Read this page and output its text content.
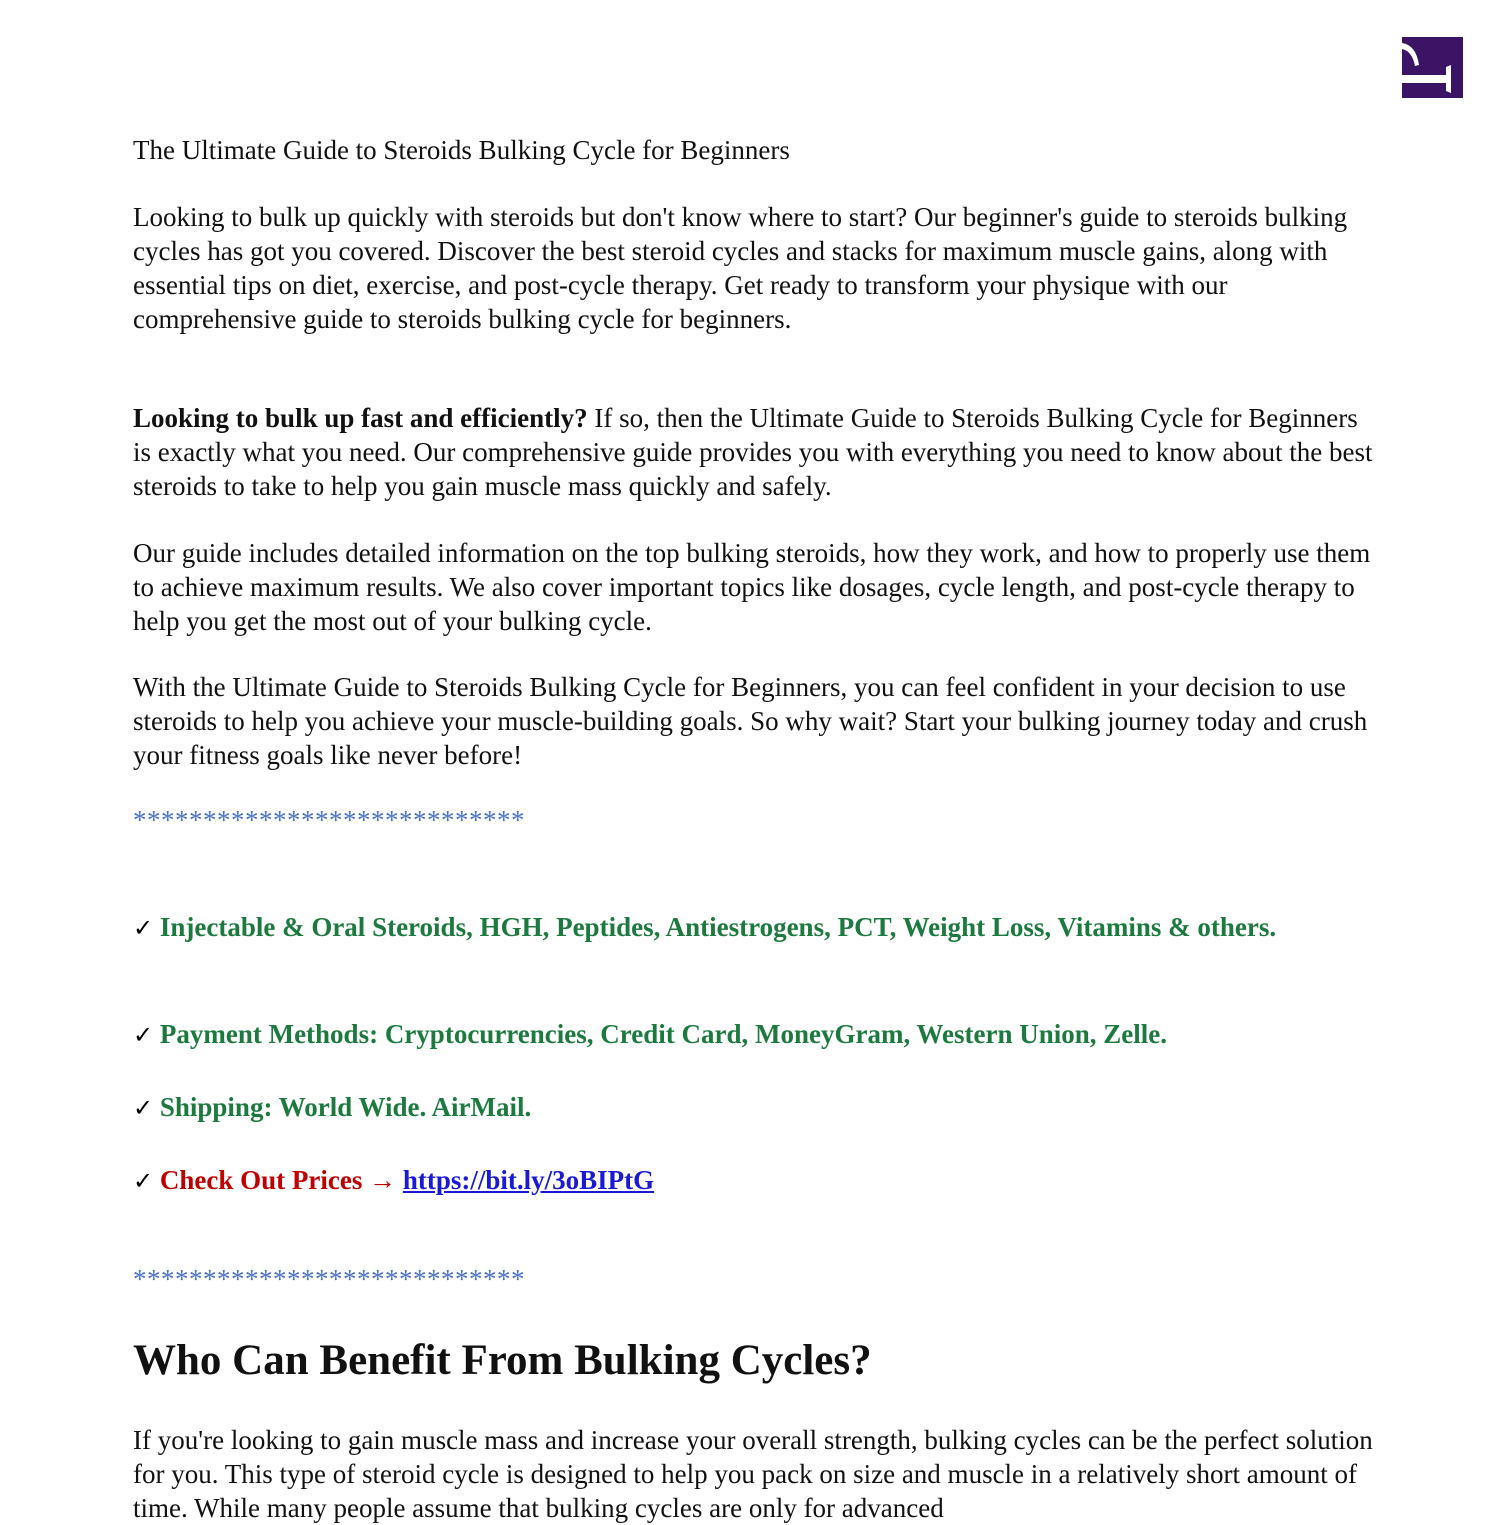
The Ultimate Guide to Steroids Bulking Cycle for Beginners
Looking to bulk up quickly with steroids but don't know where to start? Our beginner's guide to steroids bulking cycles has got you covered. Discover the best steroid cycles and stacks for maximum muscle gains, along with essential tips on diet, exercise, and post-cycle therapy. Get ready to transform your physique with our comprehensive guide to steroids bulking cycle for beginners.
Looking to bulk up fast and efficiently? If so, then the Ultimate Guide to Steroids Bulking Cycle for Beginners is exactly what you need. Our comprehensive guide provides you with everything you need to know about the best steroids to take to help you gain muscle mass quickly and safely.
Our guide includes detailed information on the top bulking steroids, how they work, and how to properly use them to achieve maximum results. We also cover important topics like dosages, cycle length, and post-cycle therapy to help you get the most out of your bulking cycle.
With the Ultimate Guide to Steroids Bulking Cycle for Beginners, you can feel confident in your decision to use steroids to help you achieve your muscle-building goals. So why wait? Start your bulking journey today and crush your fitness goals like never before!
****************************
✓ Injectable & Oral Steroids, HGH, Peptides, Antiestrogens, PCT, Weight Loss, Vitamins & others.
✓ Payment Methods: Cryptocurrencies, Credit Card, MoneyGram, Western Union, Zelle.
✓ Shipping: World Wide. AirMail.
✓ Check Out Prices → https://bit.ly/3oBIPtG
****************************
Who Can Benefit From Bulking Cycles?
If you're looking to gain muscle mass and increase your overall strength, bulking cycles can be the perfect solution for you. This type of steroid cycle is designed to help you pack on size and muscle in a relatively short amount of time. While many people assume that bulking cycles are only for advanced
